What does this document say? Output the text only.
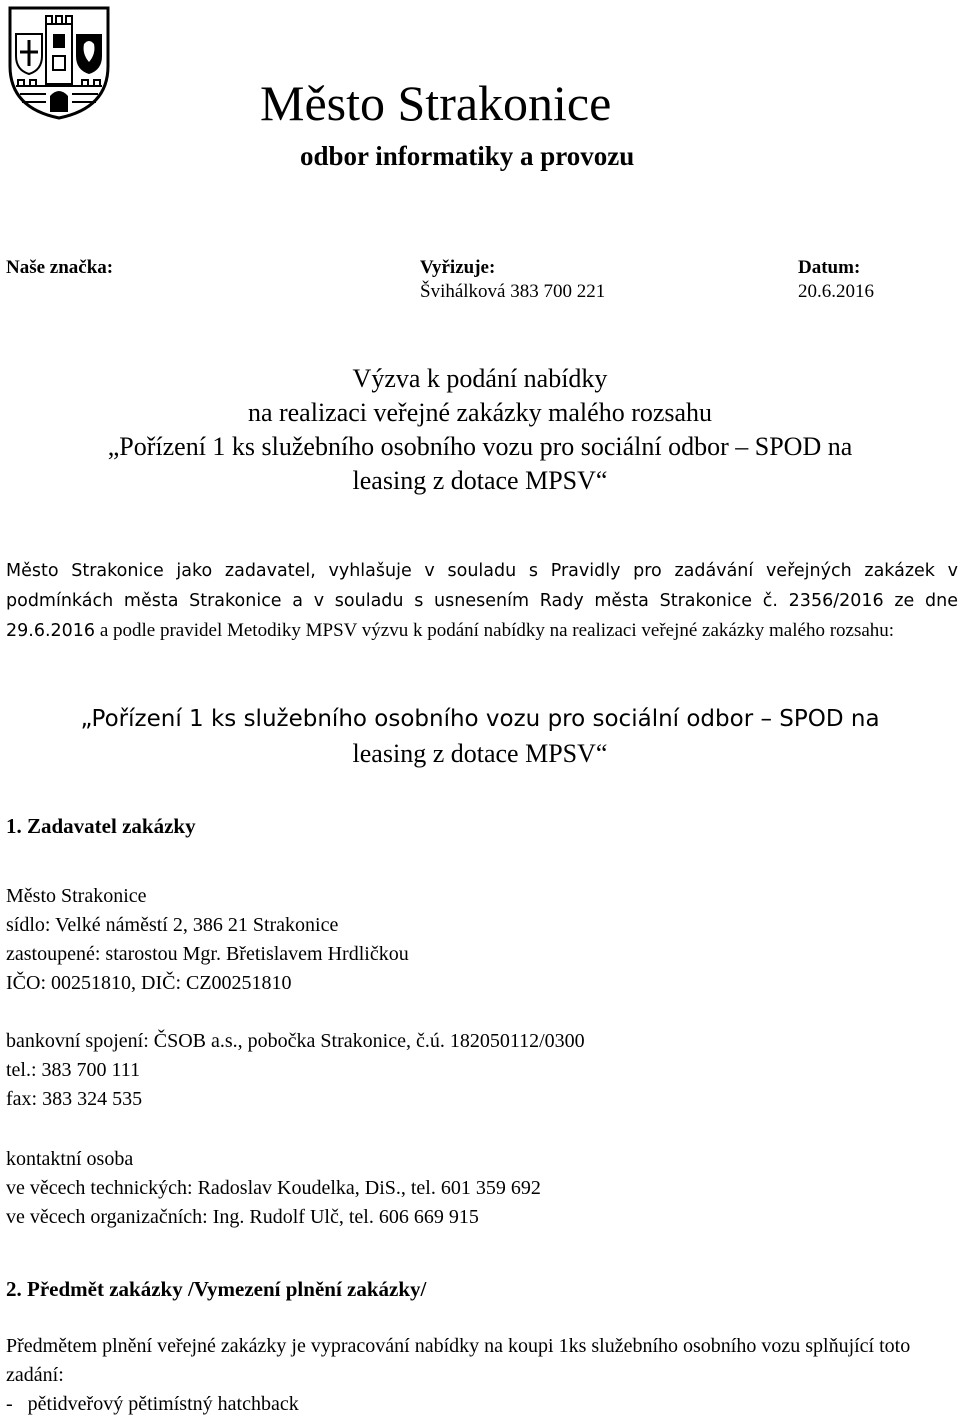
Město Strakonice
odbor informatiky a provozu
Naše značka:	Vyřizuje:
Švihálková 383 700 221
Datum:
20.6.2016
Výzva k podání nabídky
na realizaci veřejné zakázky malého rozsahu
„Pořízení 1 ks služebního osobního vozu pro sociální odbor – SPOD na
leasing z dotace MPSV“

Město Strakonice jako zadavatel, vyhlašuje v souladu s Pravidly pro zadávání veřejných zakázek v podmínkách města Strakonice a v souladu s usnesením Rady města Strakonice č. 2356/2016 ze dne 29.6.2016 a podle pravidel Metodiky MPSV výzvu k podání nabídky na realizaci veřejné zakázky malého rozsahu:

„Pořízení 1 ks služebního osobního vozu pro sociální odbor – SPOD na
leasing z dotace MPSV“
1. Zadavatel zakázky
Město Strakonice
sídlo: Velké náměstí 2, 386 21 Strakonice
zastoupené: starostou Mgr. Břetislavem Hrdličkou
IČO: 00251810, DIČ: CZ00251810
bankovní spojení: ČSOB a.s., pobočka Strakonice, č.ú. 182050112/0300
tel.: 383 700 111
fax: 383 324 535
kontaktní osoba
ve věcech technických: Radoslav Koudelka, DiS., tel. 601 359 692
ve věcech organizačních: Ing. Rudolf Ulč, tel. 606 669 915
2. Předmět zakázky /Vymezení plnění zakázky/
Předmětem plnění veřejné zakázky je vypracování nabídky na koupi 1ks služebního osobního vozu splňující toto zadání:
-   pětidveřový pětimístný hatchback
